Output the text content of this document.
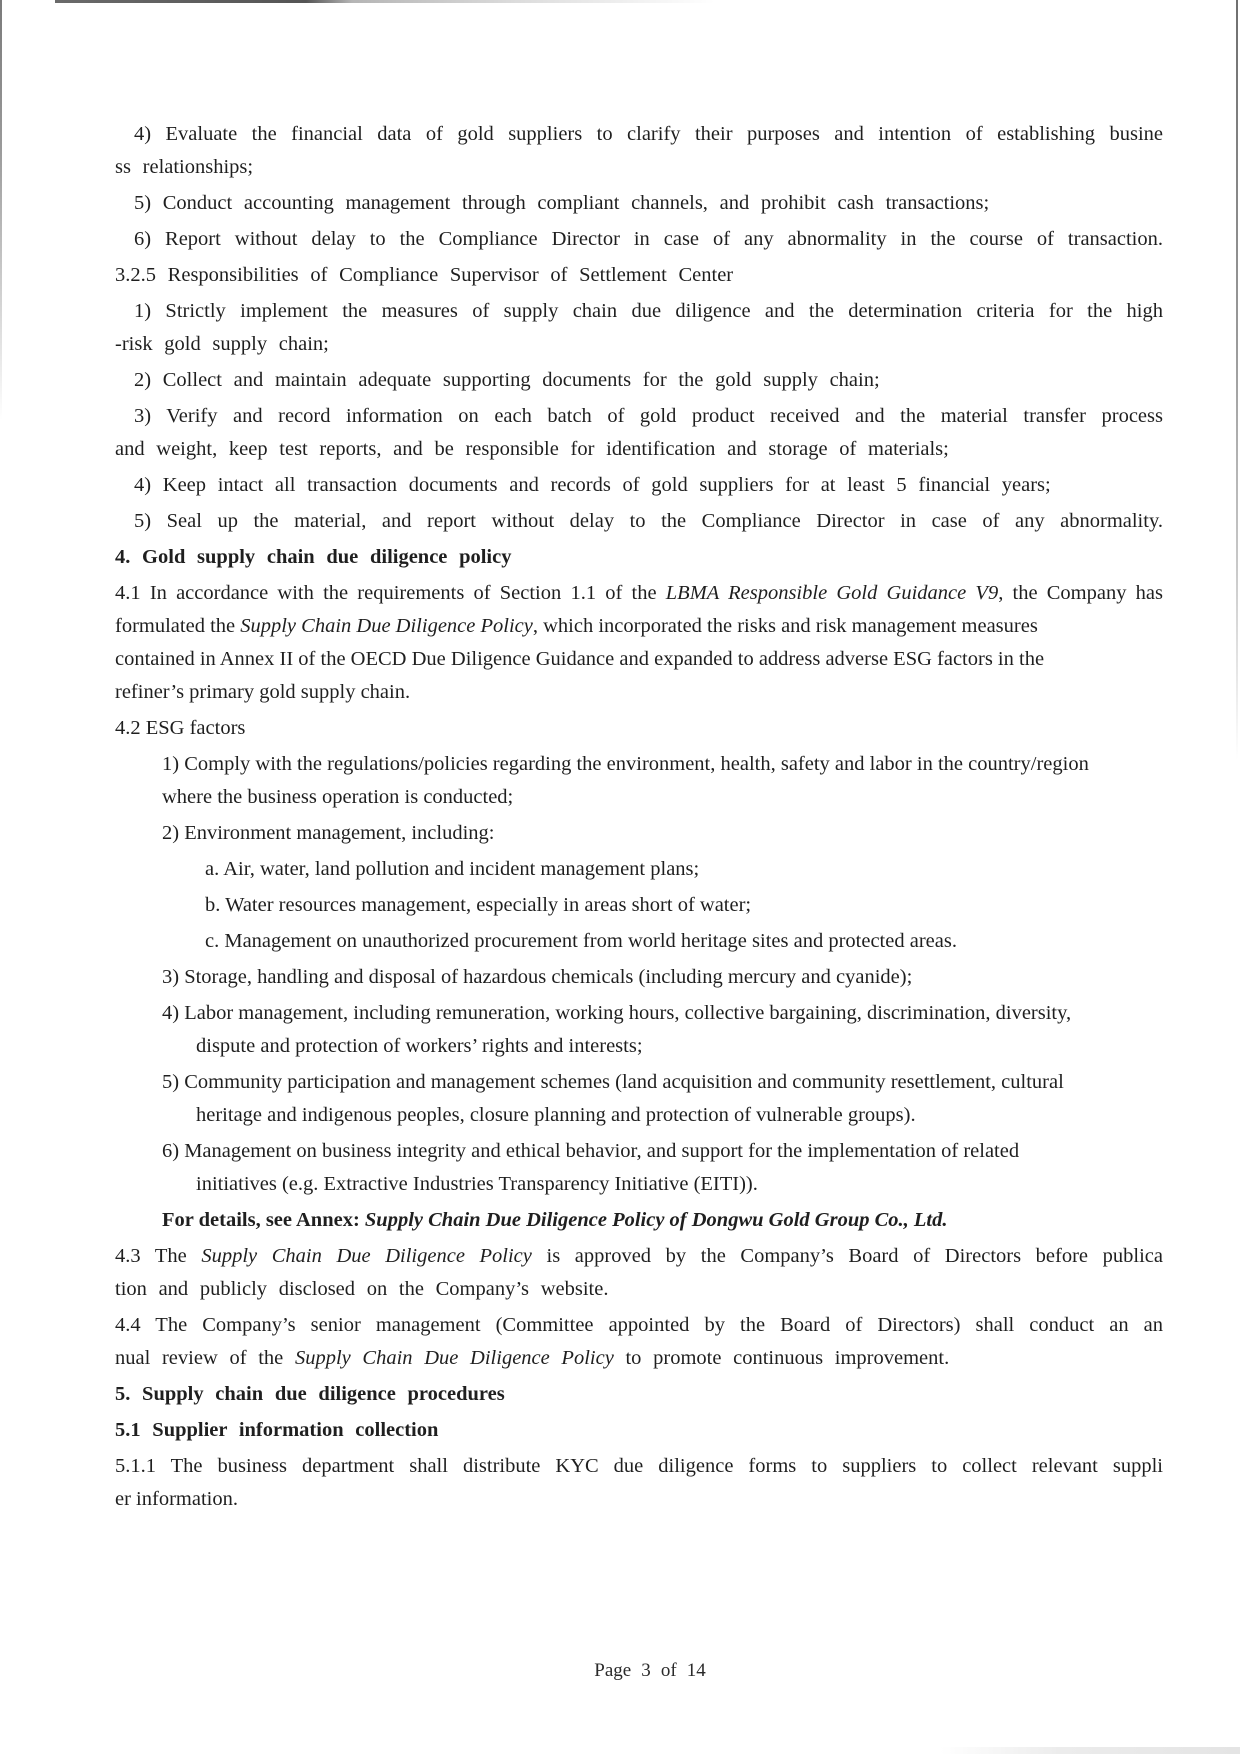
4) Evaluate the financial data of gold suppliers to clarify their purposes and intention of establishing busine
ss relationships;
5) Conduct accounting management through compliant channels, and prohibit cash transactions;
6) Report without delay to the Compliance Director in case of any abnormality in the course of transaction.
3.2.5 Responsibilities of Compliance Supervisor of Settlement Center
1) Strictly implement the measures of supply chain due diligence and the determination criteria for the high
-risk gold supply chain;
2) Collect and maintain adequate supporting documents for the gold supply chain;
3) Verify and record information on each batch of gold product received and the material transfer process
and weight, keep test reports, and be responsible for identification and storage of materials;
4) Keep intact all transaction documents and records of gold suppliers for at least 5 financial years;
5) Seal up the material, and report without delay to the Compliance Director in case of any abnormality.
4. Gold supply chain due diligence policy
4.1 In accordance with the requirements of Section 1.1 of the LBMA Responsible Gold Guidance V9, the Company has
formulated the Supply Chain Due Diligence Policy, which incorporated the risks and risk management measures
contained in Annex II of the OECD Due Diligence Guidance and expanded to address adverse ESG factors in the
refiner’s primary gold supply chain.
4.2 ESG factors
1) Comply with the regulations/policies regarding the environment, health, safety and labor in the country/region
where the business operation is conducted;
2) Environment management, including:
a. Air, water, land pollution and incident management plans;
b. Water resources management, especially in areas short of water;
c. Management on unauthorized procurement from world heritage sites and protected areas.
3) Storage, handling and disposal of hazardous chemicals (including mercury and cyanide);
4) Labor management, including remuneration, working hours, collective bargaining, discrimination, diversity,
dispute and protection of workers’ rights and interests;
5) Community participation and management schemes (land acquisition and community resettlement, cultural
heritage and indigenous peoples, closure planning and protection of vulnerable groups).
6) Management on business integrity and ethical behavior, and support for the implementation of related
initiatives (e.g. Extractive Industries Transparency Initiative (EITI)).
For details, see Annex: Supply Chain Due Diligence Policy of Dongwu Gold Group Co., Ltd.
4.3 The Supply Chain Due Diligence Policy is approved by the Company’s Board of Directors before publica
tion and publicly disclosed on the Company’s website.
4.4 The Company’s senior management (Committee appointed by the Board of Directors) shall conduct an an
nual review of the Supply Chain Due Diligence Policy to promote continuous improvement.
5. Supply chain due diligence procedures
5.1 Supplier information collection
5.1.1 The business department shall distribute KYC due diligence forms to suppliers to collect relevant suppli
er information.
Page 3 of 14
